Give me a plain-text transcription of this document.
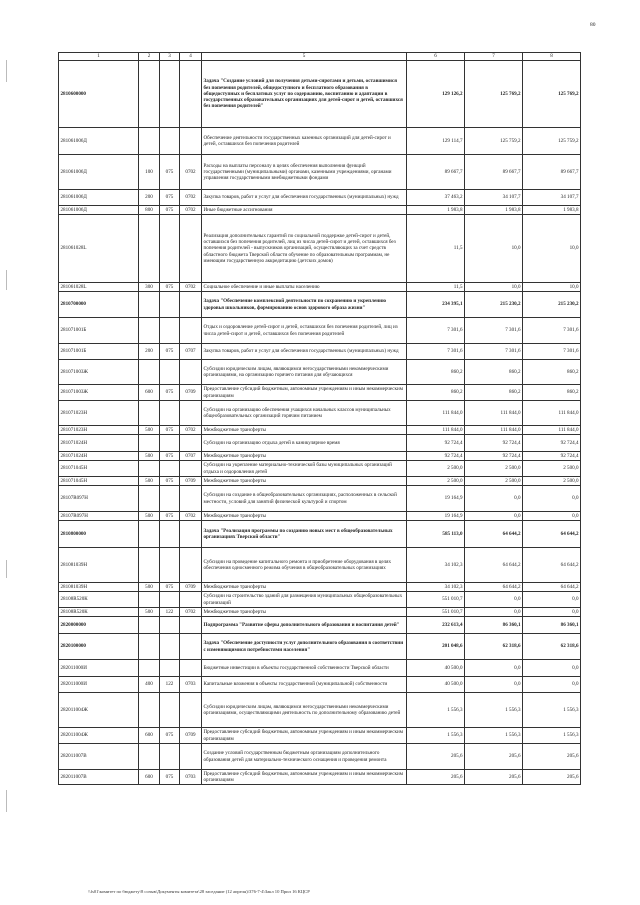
80
1	2	3	4	5	6	7	8
2810600000				Задача "Создание условий для получения детьми-сиротами и детьми, оставшимися без попечения родителей, общедоступного и бесплатного образования в общедоступных и бесплатных услуг по содержанию, воспитанию и адаптации в государственных образовательных организациях для детей-сирот и детей, оставшихся без попечения родителей"	129 126,2	125 769,2	125 769,2
281061006Д				Обеспечение деятельности государственных казенных организаций для детей-сирот и детей, оставшихся без попечения родителей	129 114,7	125 759,2	125 759,2
281061006Д	100	075	0702	Расходы на выплаты персоналу в целях обеспечения выполнения функций государственными (муниципальными) органами, казенными учреждениями, органами управления государственными внебюджетными фондами	89 667,7	89 667,7	89 667,7
281061006Д	200	075	0702	Закупка товаров, работ и услуг для обеспечения государственных (муниципальных) нужд	37 463,2	34 107,7	34 107,7
281061006Д	800	075	0702	Иные бюджетные ассигнования	1 983,8	1 983,8	1 983,8
281061028L				Реализация дополнительных гарантий по социальной поддержке детей-сирот и детей, оставшихся без попечения родителей, лиц из числа детей-сирот и детей, оставшихся без попечения родителей - выпускников организаций, осуществляющих за счет средств областного бюджета Тверской области обучение по образовательным программам, не имеющим государственную аккредитацию (детских домов)	11,5	10,0	10,0
281061028L	300	075	0702	Социальное обеспечение и иные выплаты населению	11,5	10,0	10,0
2810700000				Задача "Обеспечение комплексной деятельности по сохранению и укреплению здоровья школьников, формированию основ здорового образа жизни"	234 395,1	215 230,2	215 230,2
281071001Б				Отдых и оздоровление детей-сирот и детей, оставшихся без попечения родителей, лиц из числа детей-сирот и детей, оставшихся без попечения родителей	7 301,6	7 301,6	7 301,6
281071001Б	200	075	0707	Закупка товаров, работ и услуг для обеспечения государственных (муниципальных) нужд	7 301,6	7 301,6	7 301,6
281071003Ж				Субсидии юридическим лицам, являющимся негосударственными некоммерческими организациями, на организацию горячего питания для обучающихся	860,2	860,2	860,2
281071003Ж	600	075	0709	Предоставление субсидий бюджетным, автономным учреждениям и иным некоммерческим организациям	860,2	860,2	860,2
281071023Н				Субсидии на организацию обеспечения учащихся начальных классов муниципальных общеобразовательных организаций горячим питанием	111 844,0	111 844,0	111 844,0
281071023Н	500	075	0702	Межбюджетные трансферты	111 844,0	111 844,0	111 844,0
281071024Н				Субсидии на организацию отдыха детей в каникулярное время	92 724,4	92 724,4	92 724,4
281071024Н	500	075	0707	Межбюджетные трансферты	92 724,4	92 724,4	92 724,4
281071045Н				Субсидии на укрепление материально-технической базы муниципальных организаций отдыха и оздоровления детей	2 500,0	2 500,0	2 500,0
281071045Н	500	075	0709	Межбюджетные трансферты	2 500,0	2 500,0	2 500,0
28107R097Н				Субсидии на создание в общеобразовательных организациях, расположенных в сельской местности, условий для занятий физической культурой и спортом	19 164,9	0,0	0,0
28107R097Н	500	075	0702	Межбюджетные трансферты	19 164,9	0,0	0,0
2810800000				Задача "Реализация программы по созданию новых мест в общеобразовательных организациях Тверской области"	585 113,0	64 644,2	64 644,2
281081039Н				Субсидии на проведение капитального ремонта и приобретение оборудования в целях обеспечения односменного режима обучения в общеобразовательных организациях	34 102,3	64 644,2	64 644,2
281081039Н	500	075	0709	Межбюджетные трансферты	34 102,3	64 644,2	64 644,2
28108R520К				Субсидии на строительство зданий для размещения муниципальных общеобразовательных организаций	551 010,7	0,0	0,0
28108R520К	500	122	0702	Межбюджетные трансферты	551 010,7	0,0	0,0
2820000000				Подпрограмма "Развитие сферы дополнительного образования и воспитания детей"	232 613,4	86 360,1	86 360,1
2820100000				Задача "Обеспечение доступности услуг дополнительного образования в соответствии с изменяющимися потребностями населения"	201 048,6	62 318,6	62 318,6
282011000И				Бюджетные инвестиции в объекты государственной собственности Тверской области	40 500,0	0,0	0,0
282011000И	400	122	0703	Капитальные вложения в объекты государственной (муниципальной) собственности	40 500,0	0,0	0,0
282011004Ж				Субсидии юридическим лицам, являющимся негосударственными некоммерческими организациями, осуществляющими деятельность по дополнительному образованию детей	1 556,3	1 556,3	1 556,3
282011004Ж	600	075	0709	Предоставление субсидий бюджетным, автономным учреждениям и иным некоммерческим организациям	1 556,3	1 556,3	1 556,3
282011007В				Создание условий государственным бюджетным организациям дополнительного образования детей для материально-технического оснащения и проведения ремонта	205,6	205,6	205,6
282011007В	600	075	0703	Предоставление субсидий бюджетным, автономным учреждениям и иным некоммерческим организациям	205,6	205,6	205,6
\\fs01\комитет по бюджету\8 созыв\Документы комитета\28 заседание (12 апреля)\376-7-4\Закл 10 Прил 16 КЦСР
